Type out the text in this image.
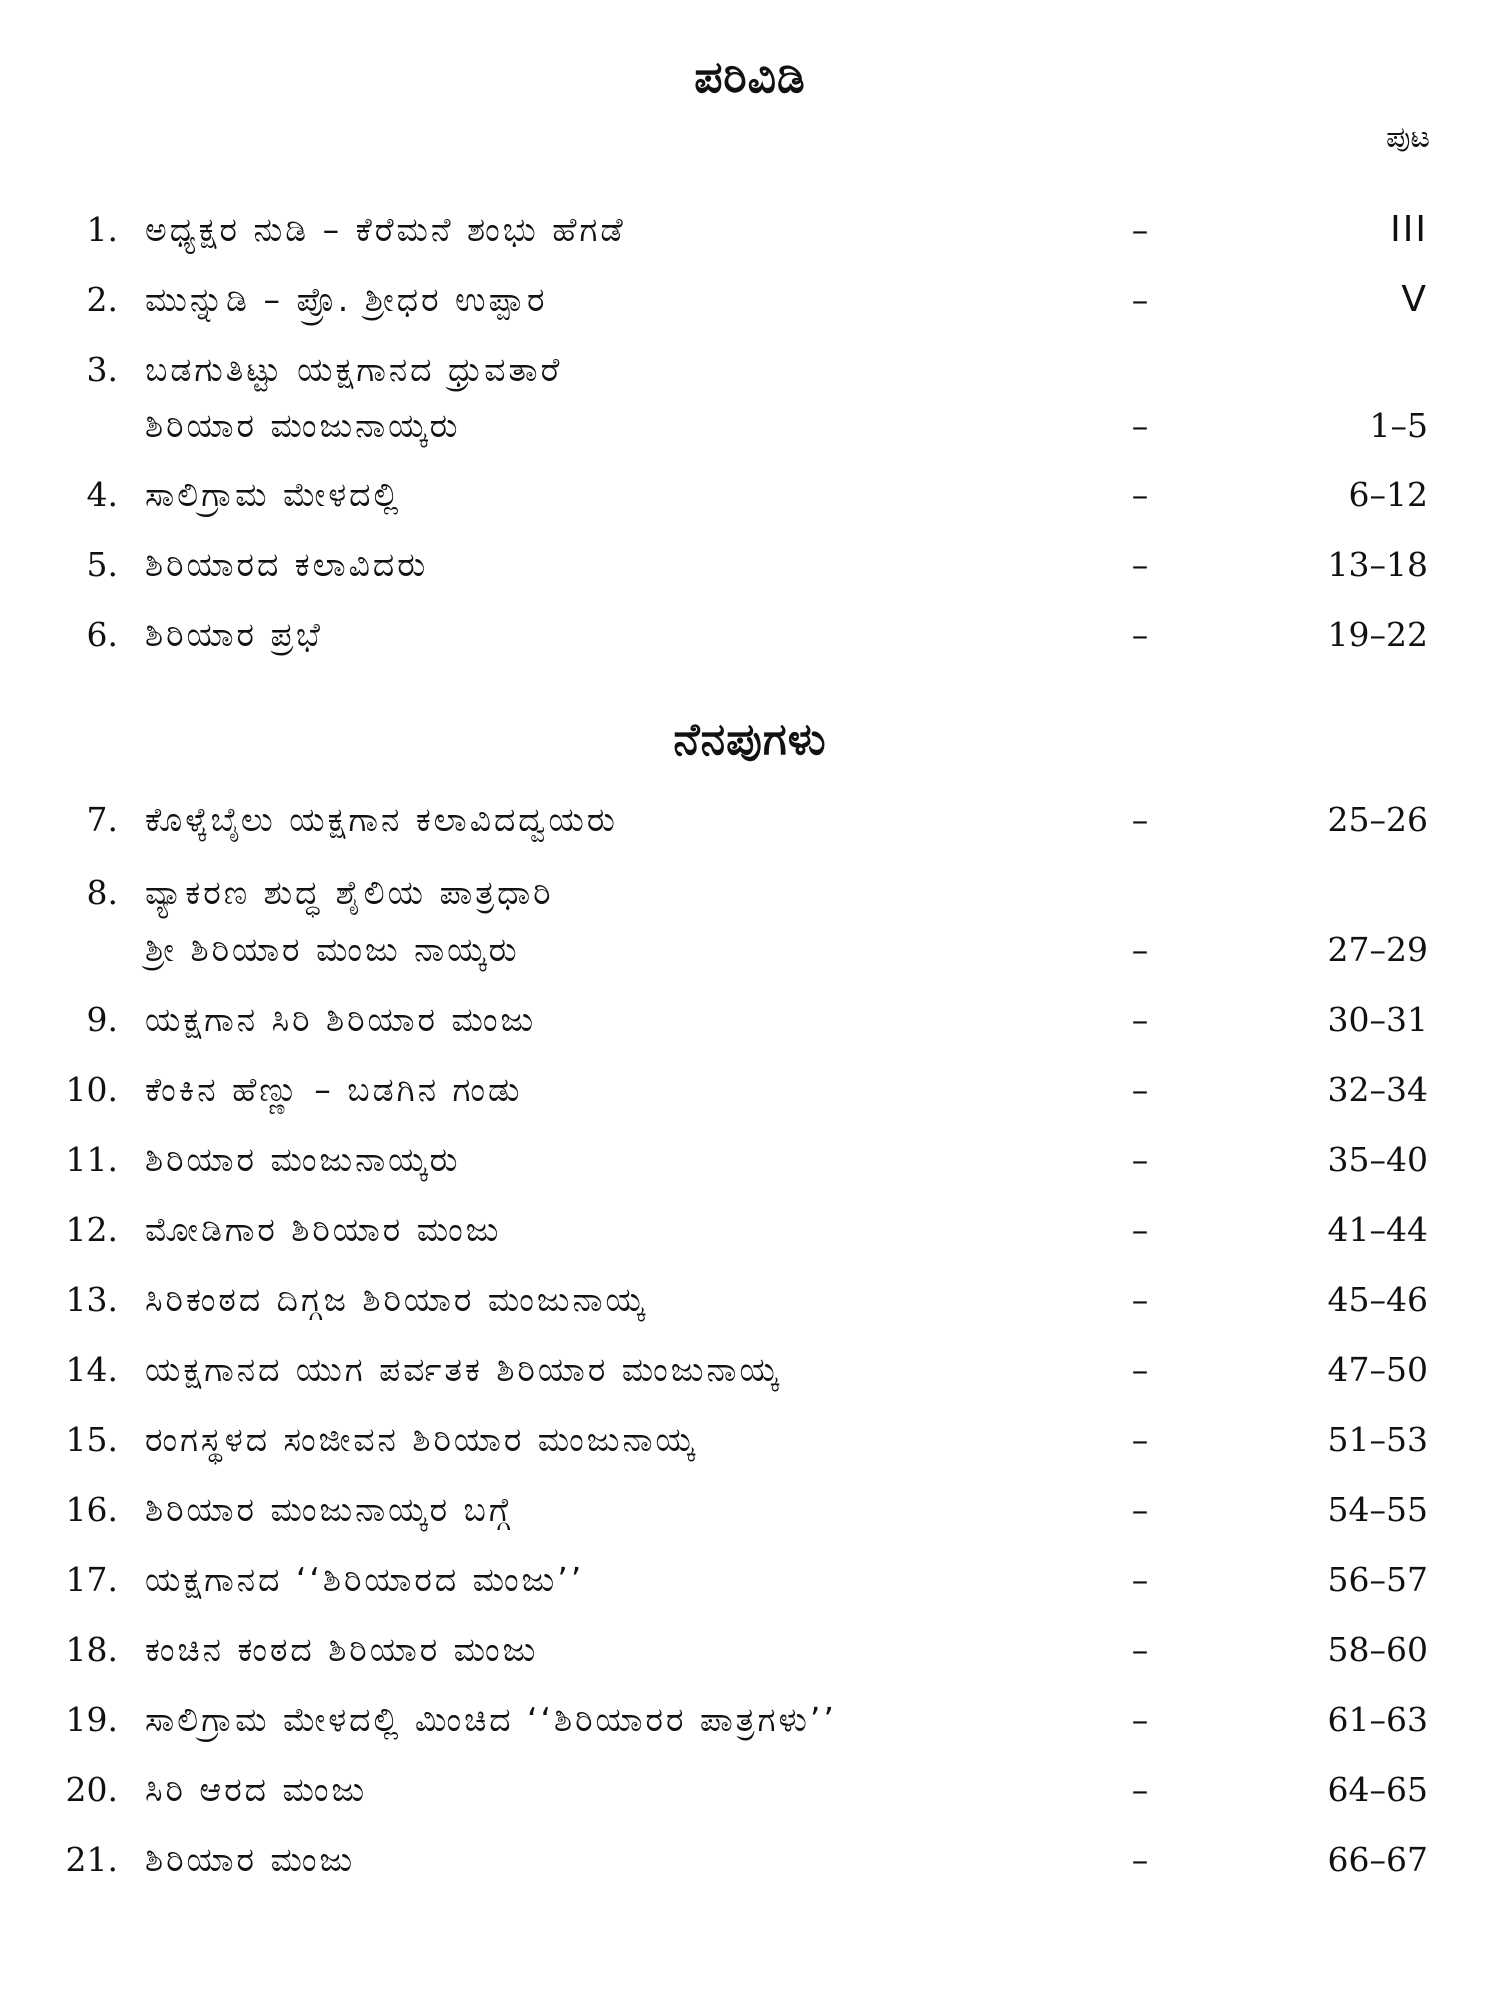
ಪರಿವಿಡಿ
ಪುಟ
1. ಅಧ್ಯಕ್ಷರ ನುಡಿ – ಕೆರೆಮನೆ ಶಂಭು ಹೆಗಡೆ	–	III
2. ಮುನ್ನುಡಿ – ಪ್ರೊ. ಶ್ರೀಧರ ಉಪ್ಪಾರ	–	V
3. ಬಡಗುತಿಟ್ಟು ಯಕ್ಷಗಾನದ ಧ್ರುವತಾರೆ
ಶಿರಿಯಾರ ಮಂಜುನಾಯ್ಕರು	–	1–5
4. ಸಾಲಿಗ್ರಾಮ ಮೇಳದಲ್ಲಿ	–	6–12
5. ಶಿರಿಯಾರದ ಕಲಾವಿದರು	–	13–18
6. ಶಿರಿಯಾರ ಪ್ರಭೆ	–	19–22
ನೆನಪುಗಳು
7. ಕೊಳ್ಕೆಬೈಲು ಯಕ್ಷಗಾನ ಕಲಾವಿದದ್ವಯರು	–	25–26
8. ವ್ಯಾಕರಣ ಶುದ್ಧ ಶೈಲಿಯ ಪಾತ್ರಧಾರಿ
ಶ್ರೀ ಶಿರಿಯಾರ ಮಂಜು ನಾಯ್ಕರು	–	27–29
9. ಯಕ್ಷಗಾನ ಸಿರಿ ಶಿರಿಯಾರ ಮಂಜು	–	30–31
10. ಕೆಂಕಿನ ಹೆಣ್ಣು – ಬಡಗಿನ ಗಂಡು	–	32–34
11. ಶಿರಿಯಾರ ಮಂಜುನಾಯ್ಕರು	–	35–40
12. ಮೋಡಿಗಾರ ಶಿರಿಯಾರ ಮಂಜು	–	41–44
13. ಸಿರಿಕಂಠದ ದಿಗ್ಗಜ ಶಿರಿಯಾರ ಮಂಜುನಾಯ್ಕ	–	45–46
14. ಯಕ್ಷಗಾನದ ಯುಗ ಪರ್ವತಕ ಶಿರಿಯಾರ ಮಂಜುನಾಯ್ಕ	–	47–50
15. ರಂಗಸ್ಥಳದ ಸಂಜೀವನ ಶಿರಿಯಾರ ಮಂಜುನಾಯ್ಕ	–	51–53
16. ಶಿರಿಯಾರ ಮಂಜುನಾಯ್ಕರ ಬಗ್ಗೆ	–	54–55
17. ಯಕ್ಷಗಾನದ ‘‘ಶಿರಿಯಾರದ ಮಂಜು’’	–	56–57
18. ಕಂಚಿನ ಕಂಠದ ಶಿರಿಯಾರ ಮಂಜು	–	58–60
19. ಸಾಲಿಗ್ರಾಮ ಮೇಳದಲ್ಲಿ ಮಿಂಚಿದ ‘‘ಶಿರಿಯಾರರ ಪಾತ್ರಗಳು’’	–	61–63
20. ಸಿರಿ ಆರದ ಮಂಜು	–	64–65
21. ಶಿರಿಯಾರ ಮಂಜು	–	66–67
